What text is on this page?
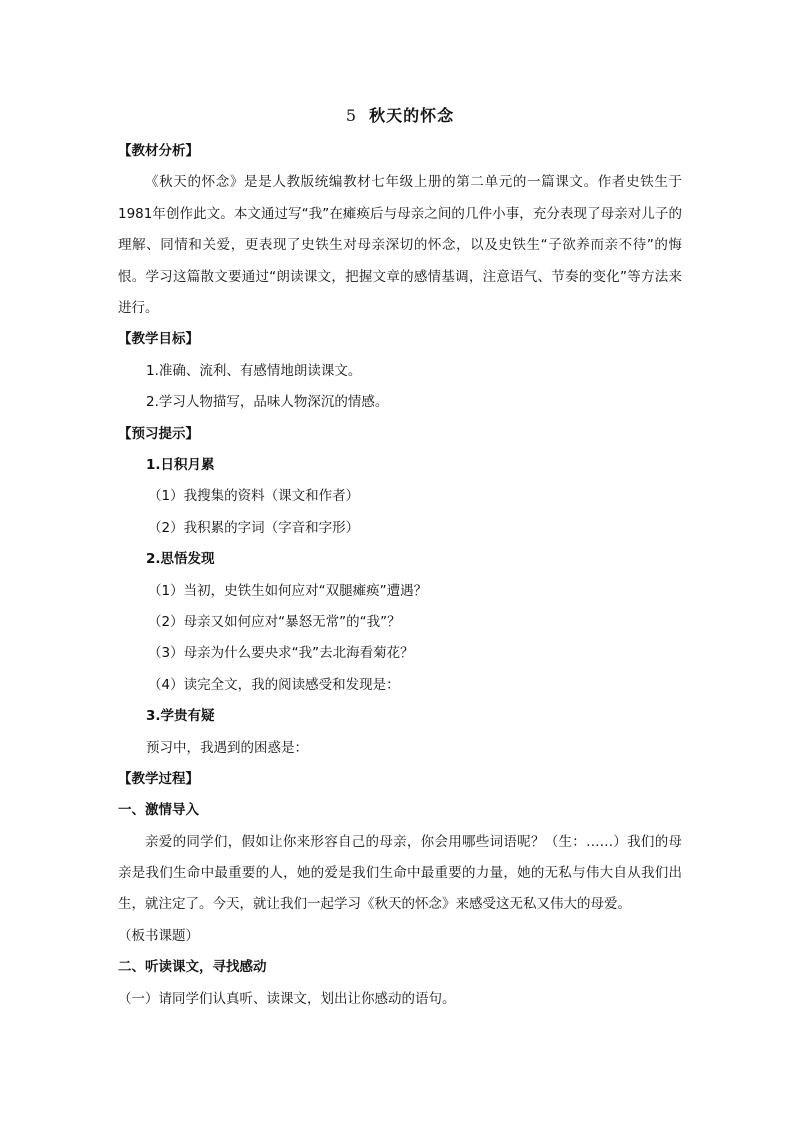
5 秋天的怀念
【教材分析】

《秋天的怀念》是是人教版统编教材七年级上册的第二单元的一篇课文。作者史铁生于1981年创作此文。本文通过写“我”在瘫痪后与母亲之间的几件小事，充分表现了母亲对儿子的理解、同情和关爱，更表现了史铁生对母亲深切的怀念，以及史铁生“子欲养而亲不待”的悔恨。学习这篇散文要通过“朗读课文，把握文章的感情基调，注意语气、节奏的变化”等方法来进行。

【教学目标】
1.准确、流利、有感情地朗读课文。
2.学习人物描写，品味人物深沉的情感。
【预习提示】
1.日积月累
（1）我搜集的资料（课文和作者）
（2）我积累的字词（字音和字形）
2.思悟发现
（1）当初，史铁生如何应对“双腿瘫痪”遭遇？
（2）母亲又如何应对“暴怒无常”的“我”？
（3）母亲为什么要央求“我”去北海看菊花？
（4）读完全文，我的阅读感受和发现是：
3.学贵有疑
预习中，我遇到的困惑是：
【教学过程】
一、激情导入

亲爱的同学们，假如让你来形容自己的母亲，你会用哪些词语呢？（生：……）我们的母亲是我们生命中最重要的人，她的爱是我们生命中最重要的力量，她的无私与伟大自从我们出生，就注定了。今天，就让我们一起学习《秋天的怀念》来感受这无私又伟大的母爱。

（板书课题）
二、听读课文，寻找感动
（一）请同学们认真听、读课文，划出让你感动的语句。
